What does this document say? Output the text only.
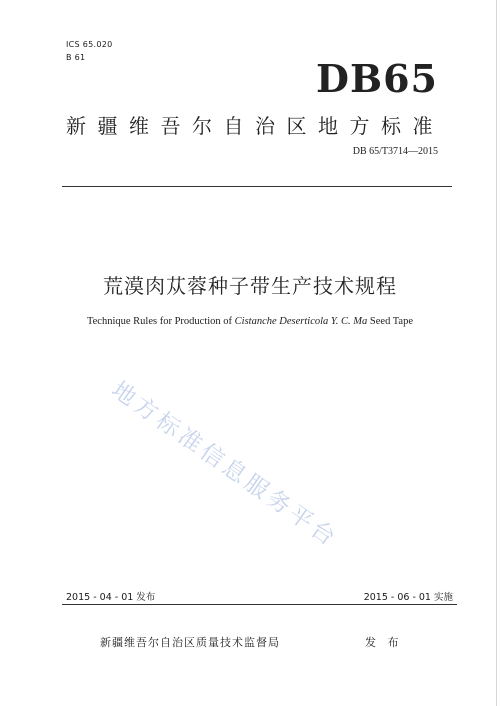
ICS 65.020
B 61	DB65
新疆维吾尔自治区地方标准
DB 65/T3714—2015
荒漠肉苁蓉种子带生产技术规程
Technique Rules for Production of Cistanche Deserticola Y. C. Ma Seed Tape
地方标准信息服务平台
2015 - 04 - 01 发布	2015 - 06 - 01 实施
新疆维吾尔自治区质量技术监督局	发 布
